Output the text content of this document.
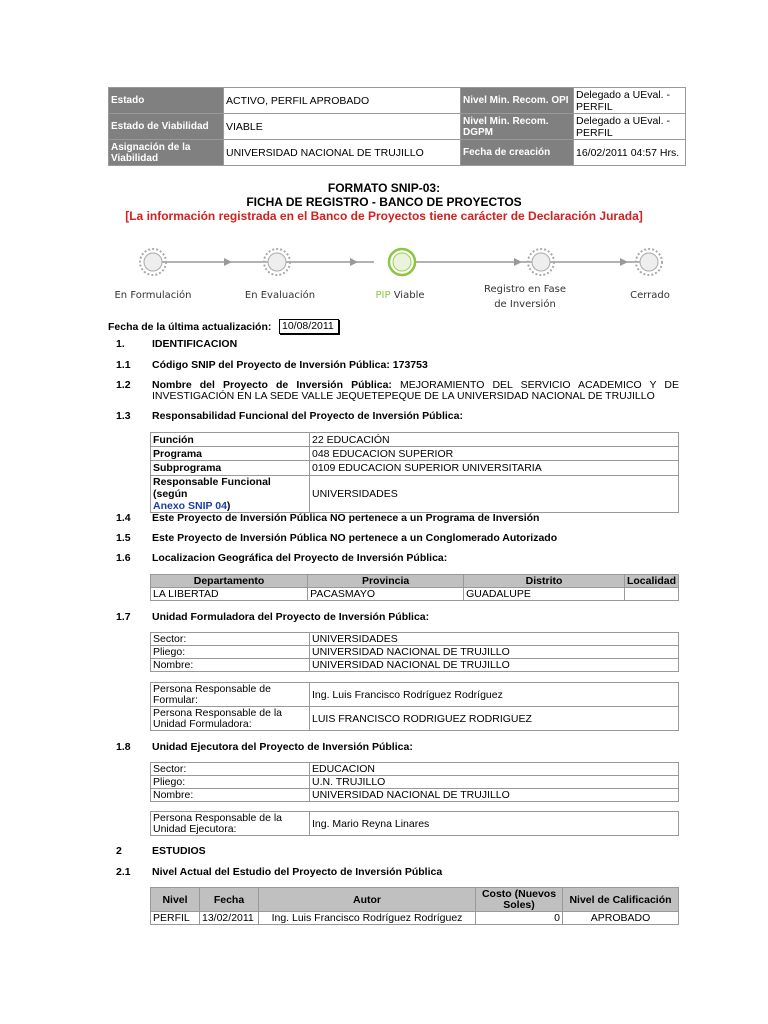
Estado	ACTIVO, PERFIL APROBADO	Nivel Min. Recom. OPI	Delegado a UEval. - PERFIL
Estado de Viabilidad	VIABLE	Nivel Min. Recom. DGPM	Delegado a UEval. - PERFIL
Asignación de la Viabilidad	UNIVERSIDAD NACIONAL DE TRUJILLO	Fecha de creación	16/02/2011 04:57 Hrs.
FORMATO SNIP-03:
FICHA DE REGISTRO - BANCO DE PROYECTOS
[La información registrada en el Banco de Proyectos tiene carácter de Declaración Jurada]
En Formulación	En Evaluación	PIP Viable
Registro en Fase
de Inversión
Cerrado
Fecha de la última actualización: 10/08/2011
1.	IDENTIFICACION
1.1 Código SNIP del Proyecto de Inversión Pública: 173753
1.2 Nombre del Proyecto de Inversión Pública: MEJORAMIENTO DEL SERVICIO ACADEMICO Y DE
INVESTIGACIÓN EN LA SEDE VALLE JEQUETEPEQUE DE LA UNIVERSIDAD NACIONAL DE TRUJILLO
1.3 Responsabilidad Funcional del Proyecto de Inversión Pública:
Función	22 EDUCACIÓN
Programa	048 EDUCACION SUPERIOR
Subprograma	0109 EDUCACION SUPERIOR UNIVERSITARIA
Responsable Funcional (según
Anexo SNIP 04)	UNIVERSIDADES
1.4 Este Proyecto de Inversión Pública NO pertenece a un Programa de Inversión
1.5 Este Proyecto de Inversión Pública NO pertenece a un Conglomerado Autorizado
1.6 Localizacion Geográfica del Proyecto de Inversión Pública:
Departamento	Provincia	Distrito	Localidad
LA LIBERTAD	PACASMAYO	GUADALUPE	
1.7 Unidad Formuladora del Proyecto de Inversión Pública:
Sector:	UNIVERSIDADES
Pliego:	UNIVERSIDAD NACIONAL DE TRUJILLO
Nombre:	UNIVERSIDAD NACIONAL DE TRUJILLO
Persona Responsable de Formular:	Ing. Luis Francisco Rodríguez Rodríguez
Persona Responsable de la Unidad Formuladora:	LUIS FRANCISCO RODRIGUEZ RODRIGUEZ
1.8 Unidad Ejecutora del Proyecto de Inversión Pública:
Sector:	EDUCACION
Pliego:	U.N. TRUJILLO
Nombre:	UNIVERSIDAD NACIONAL DE TRUJILLO
Persona Responsable de la Unidad Ejecutora:	Ing. Mario Reyna Linares
2	ESTUDIOS
2.1 Nivel Actual del Estudio del Proyecto de Inversión Pública
Nivel	Fecha	Autor	Costo (Nuevos Soles)	Nivel de Calificación
PERFIL	13/02/2011	Ing. Luis Francisco Rodríguez Rodríguez	0	APROBADO
